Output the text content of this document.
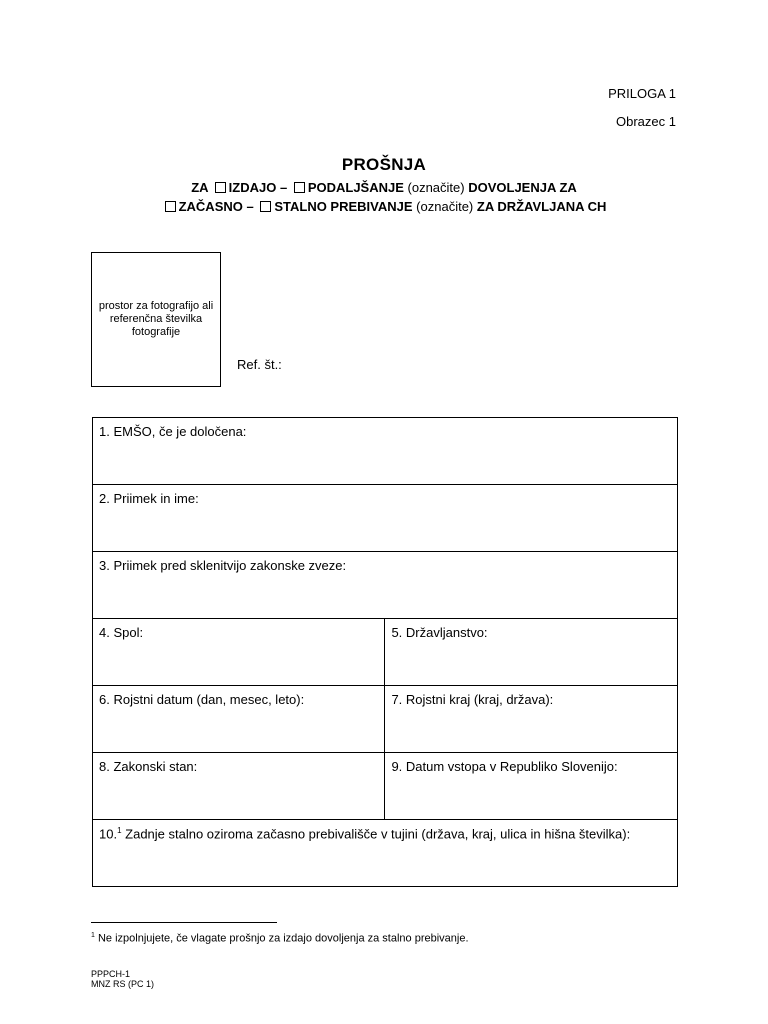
PRILOGA 1
Obrazec 1
PROŠNJA
ZA IZDAJO – PODALJŠANJE (označite) DOVOLJENJA ZA
ZAČASNO – STALNO PREBIVANJE (označite) ZA DRŽAVLJANA CH
prostor za fotografijo ali referenčna številka fotografije
Ref. št.:
1. EMŠO, če je določena:	
2. Priimek in ime:	
3. Priimek pred sklenitvijo zakonske zveze:	
4. Spol:	5. Državljanstvo:
6. Rojstni datum (dan, mesec, leto):	7. Rojstni kraj (kraj, država):
8. Zakonski stan:	9. Datum vstopa v Republiko Slovenijo:
10.$^1$ Zadnje stalno oziroma začasno prebivališče v tujini (država, kraj, ulica in hišna številka):	
$^1$ Ne izpolnjujete, če vlagate prošnjo za izdajo dovoljenja za stalno prebivanje.
PPPCH-1
MNZ RS (PC 1)
